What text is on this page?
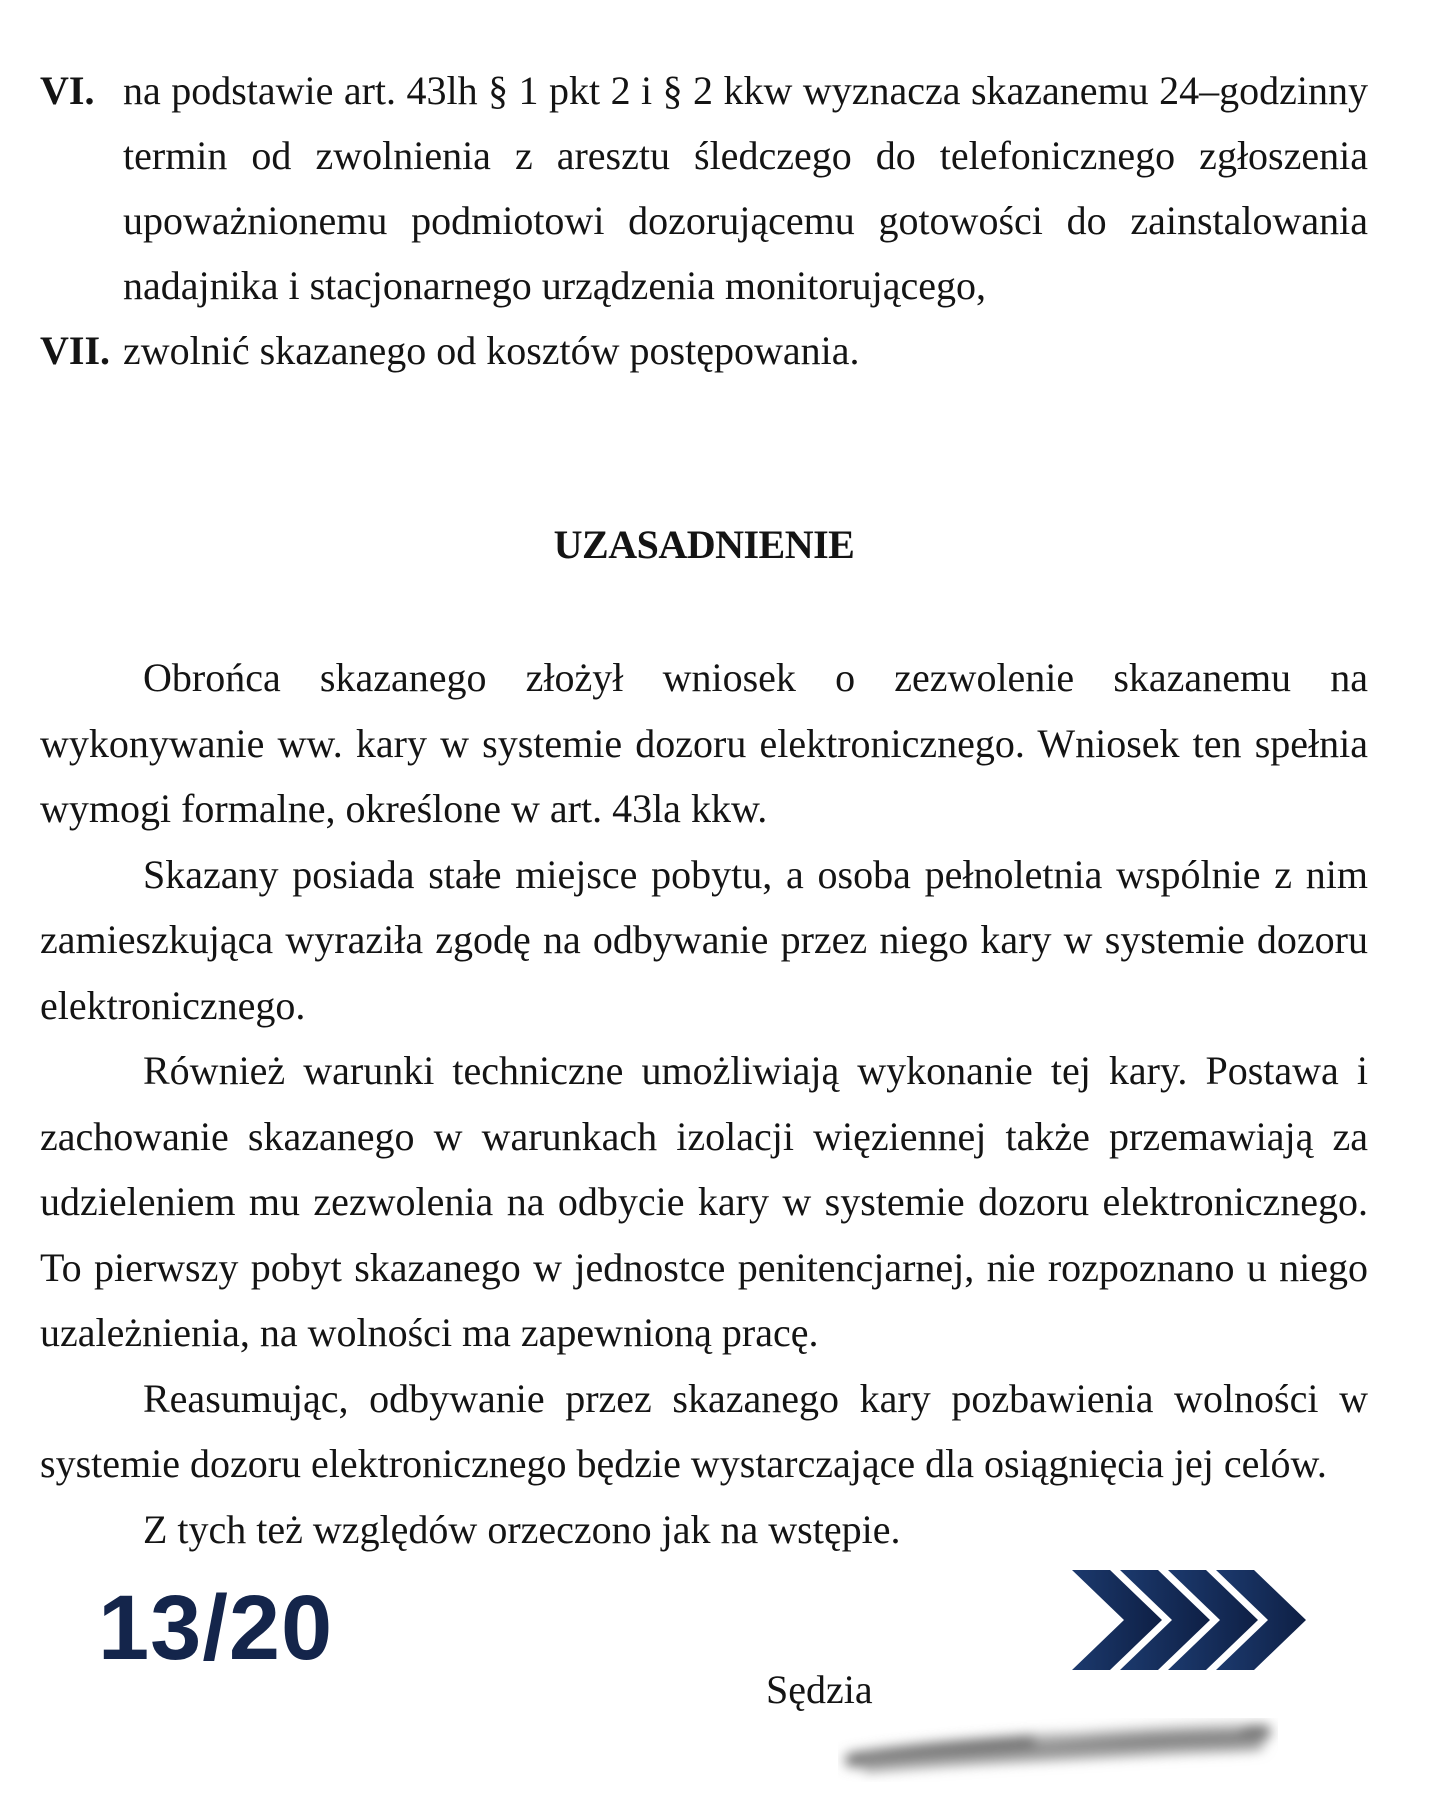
VI. na podstawie art. 43lh § 1 pkt 2 i § 2 kkw wyznacza skazanemu 24–godzinny termin od zwolnienia z aresztu śledczego do telefonicznego zgłoszenia upoważnionemu podmiotowi dozorującemu gotowości do zainstalowania nadajnika i stacjonarnego urządzenia monitorującego,
VII. zwolnić skazanego od kosztów postępowania.
UZASADNIENIE

Obrońca skazanego złożył wniosek o zezwolenie skazanemu na wykonywanie ww. kary w systemie dozoru elektronicznego. Wniosek ten spełnia wymogi formalne, określone w art. 43la kkw.

Skazany posiada stałe miejsce pobytu, a osoba pełnoletnia wspólnie z nim zamieszkująca wyraziła zgodę na odbywanie przez niego kary w systemie dozoru elektronicznego.

Również warunki techniczne umożliwiają wykonanie tej kary. Postawa i zachowanie skazanego w warunkach izolacji więziennej także przemawiają za udzieleniem mu zezwolenia na odbycie kary w systemie dozoru elektronicznego. To pierwszy pobyt skazanego w jednostce penitencjarnej, nie rozpoznano u niego uzależnienia, na wolności ma zapewnioną pracę.

Reasumując, odbywanie przez skazanego kary pozbawienia wolności w systemie dozoru elektronicznego będzie wystarczające dla osiągnięcia jej celów.

Z tych też względów orzeczono jak na wstępie.

13/20
Sędzia
